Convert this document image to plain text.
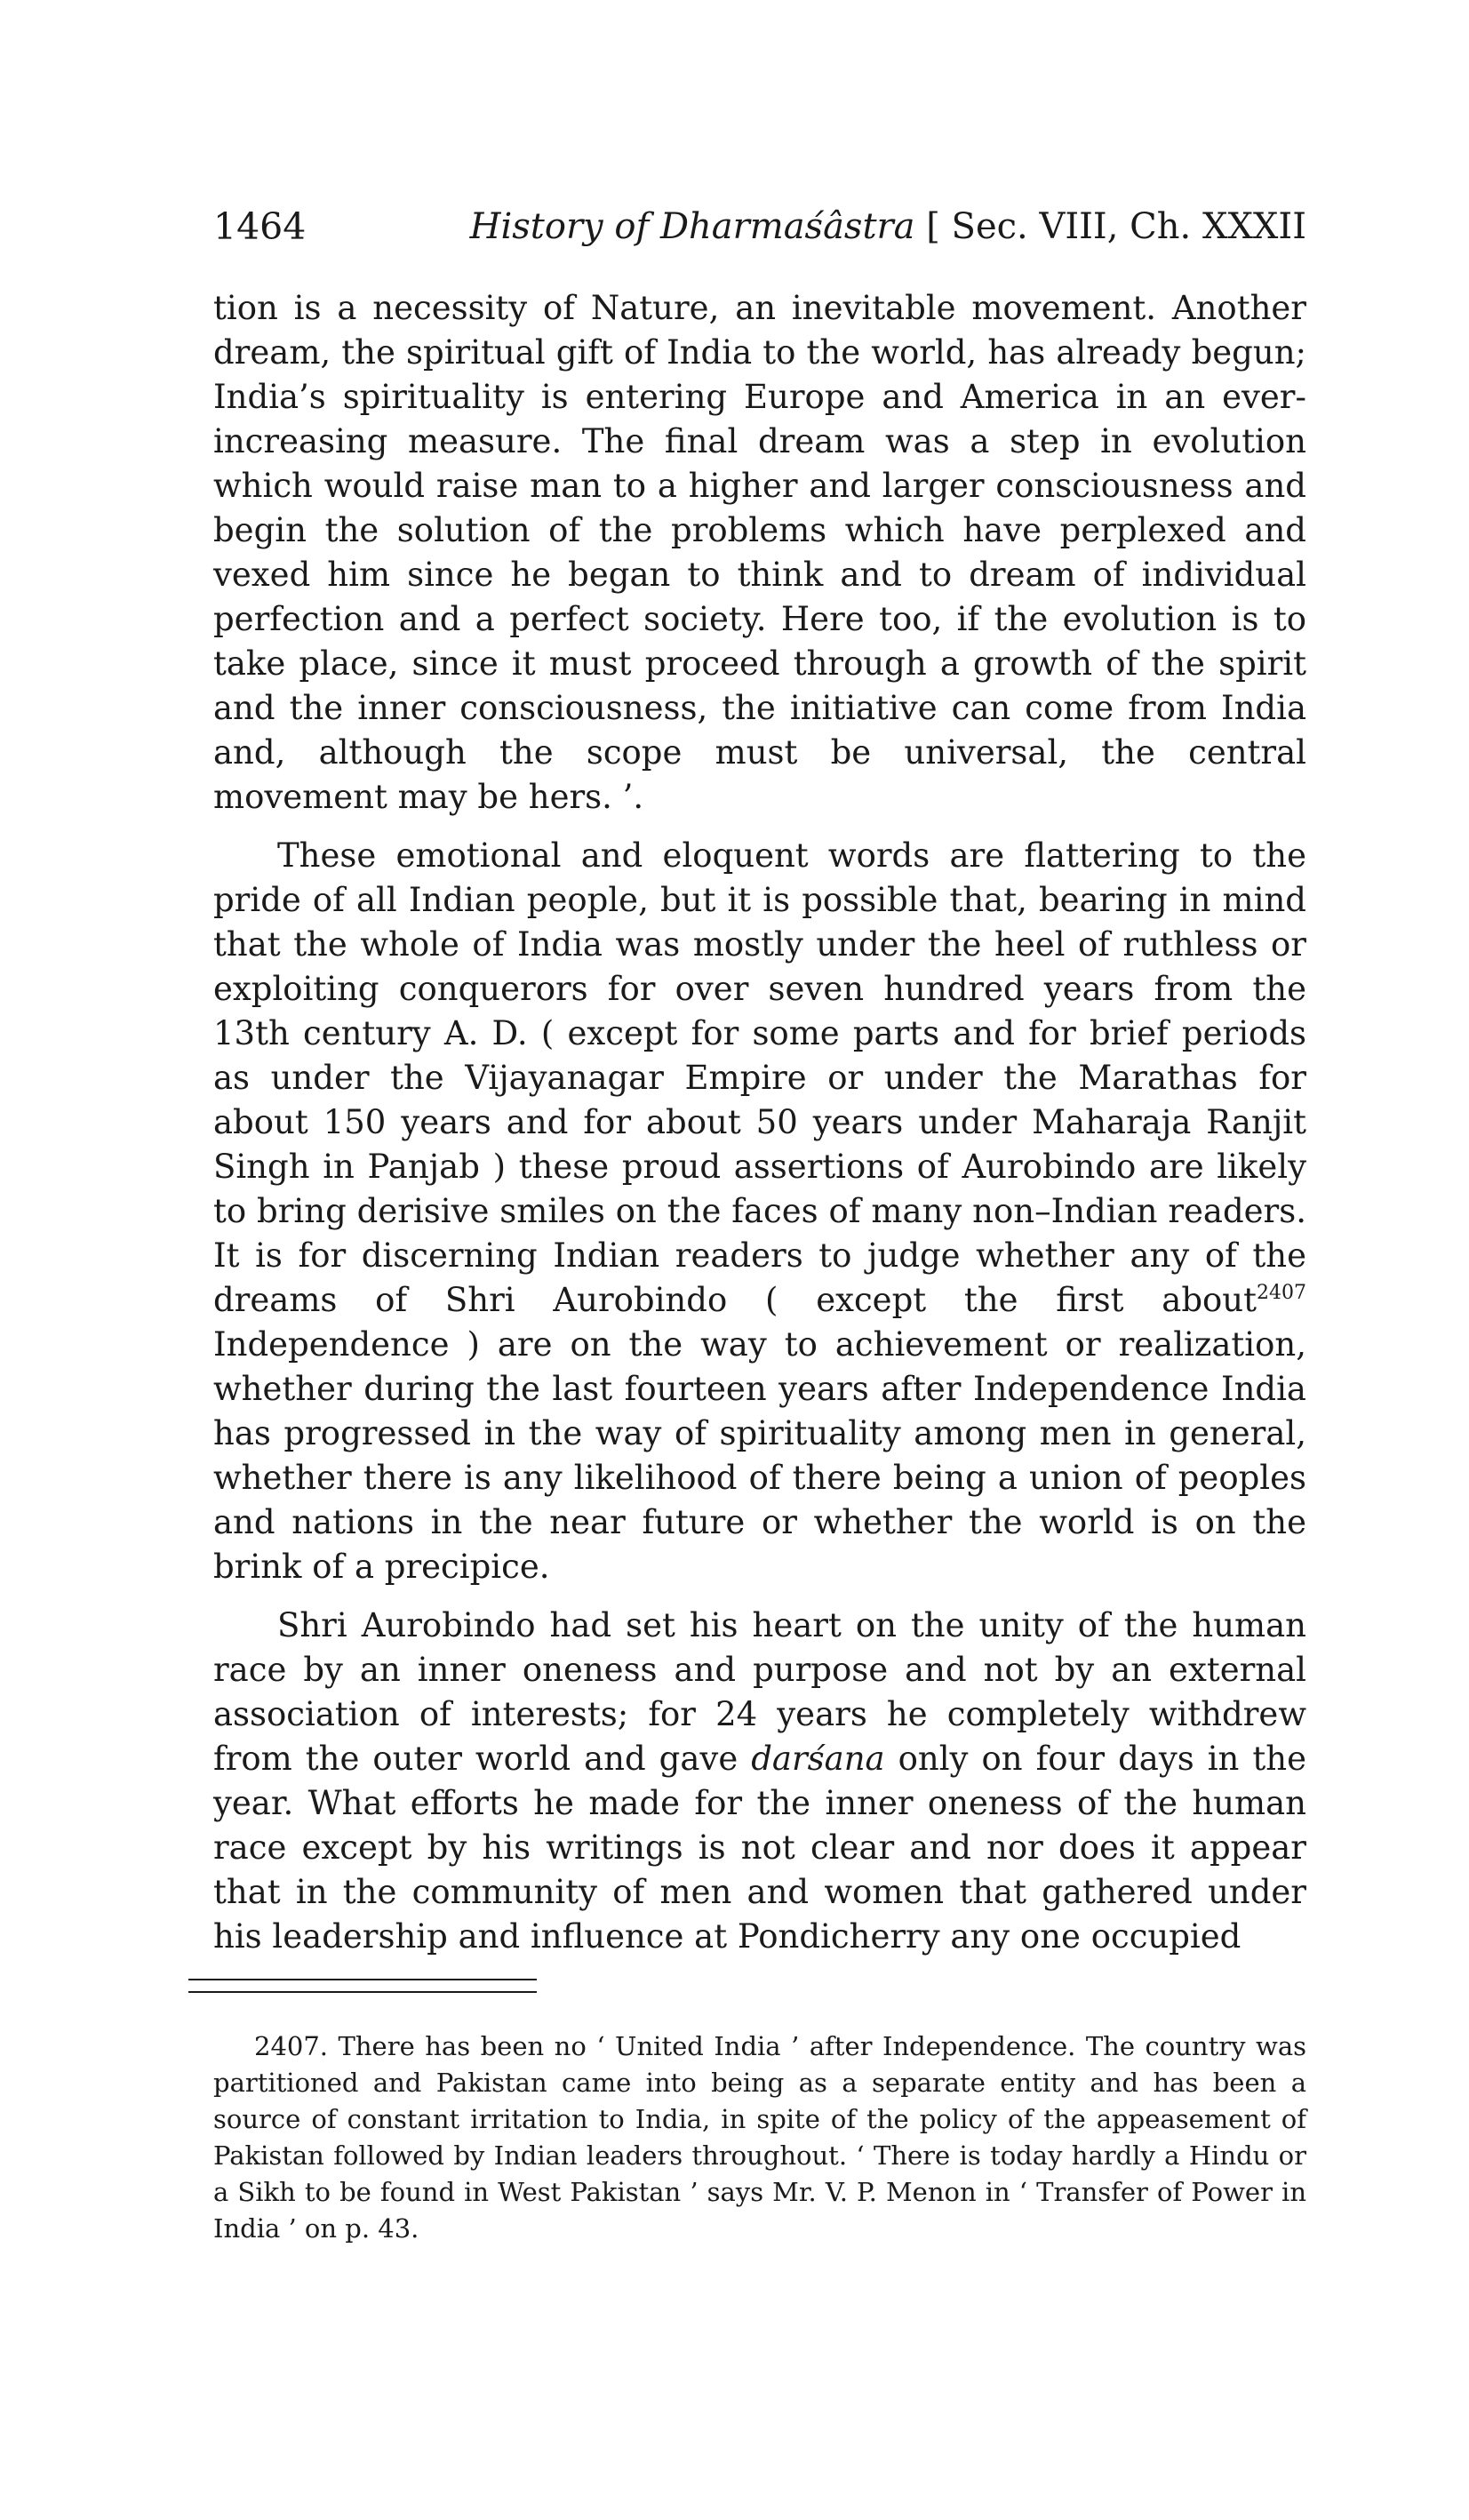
1464	History of Dharmaśâstra [ Sec. VIII, Ch. XXXII

tion is a necessity of Nature, an inevitable movement. Another dream, the spiritual gift of India to the world, has already begun; India’s spirituality is entering Europe and America in an ever-increasing measure. The final dream was a step in evolution which would raise man to a higher and larger consciousness and begin the solution of the problems which have perplexed and vexed him since he began to think and to dream of individual perfection and a perfect society. Here too, if the evolution is to take place, since it must proceed through a growth of the spirit and the inner consciousness, the initiative can come from India and, although the scope must be universal, the central movement may be hers. ’.

These emotional and eloquent words are flattering to the pride of all Indian people, but it is possible that, bearing in mind that the whole of India was mostly under the heel of ruthless or exploiting conquerors for over seven hundred years from the 13th century A. D. ( except for some parts and for brief periods as under the Vijayanagar Empire or under the Marathas for about 150 years and for about 50 years under Maharaja Ranjit Singh in Panjab ) these proud assertions of Aurobindo are likely to bring derisive smiles on the faces of many non–Indian readers. It is for discerning Indian readers to judge whether any of the dreams of Shri Aurobindo ( except the first about$^{2407}$ Independence ) are on the way to achievement or realization, whether during the last fourteen years after Independence India has progressed in the way of spirituality among men in general, whether there is any likelihood of there being a union of peoples and nations in the near future or whether the world is on the brink of a precipice.

Shri Aurobindo had set his heart on the unity of the human race by an inner oneness and purpose and not by an external association of interests; for 24 years he completely withdrew from the outer world and gave darśana only on four days in the year. What efforts he made for the inner oneness of the human race except by his writings is not clear and nor does it appear that in the community of men and women that gathered under his leadership and influence at Pondicherry any one occupied

2407. There has been no ‘ United India ’ after Independence. The country was partitioned and Pakistan came into being as a separate entity and has been a source of constant irritation to India, in spite of the policy of the appeasement of Pakistan followed by Indian leaders throughout. ‘ There is today hardly a Hindu or a Sikh to be found in West Pakistan ’ says Mr. V. P. Menon in ‘ Transfer of Power in India ’ on p. 43.
